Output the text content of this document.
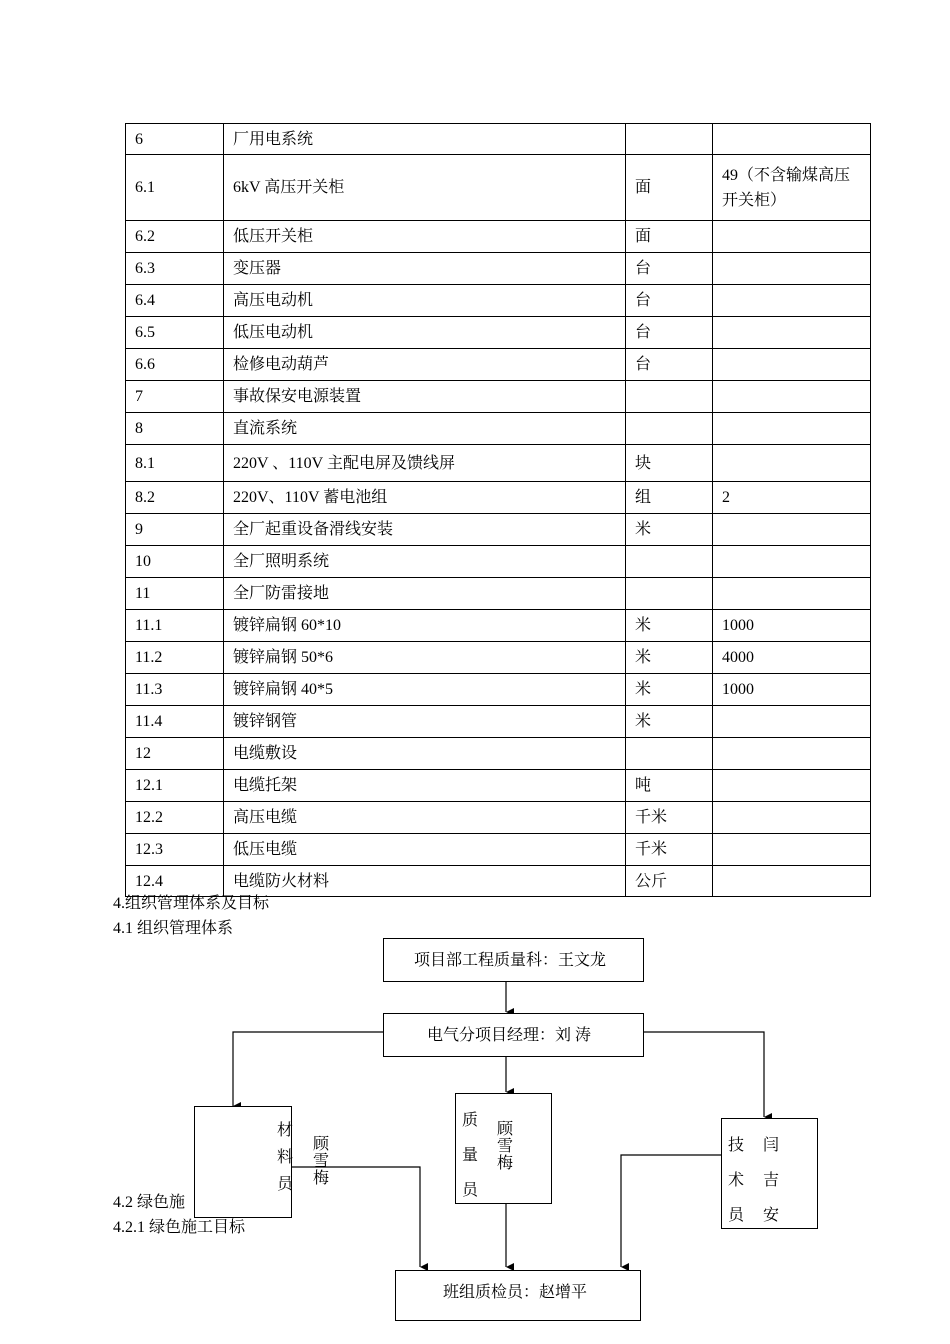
6	厂用电系统		
6.1	6kV 高压开关柜	面	49（不含输煤高压开关柜）
6.2	低压开关柜	面	
6.3	变压器	台	
6.4	高压电动机	台	
6.5	低压电动机	台	
6.6	检修电动葫芦	台	
7	事故保安电源装置		
8	直流系统		
8.1	220V 、110V 主配电屏及馈线屏	块	
8.2	220V、110V 蓄电池组	组	2
9	全厂起重设备滑线安装	米	
10	全厂照明系统		
11	全厂防雷接地		
11.1	镀锌扁钢 60*10	米	1000
11.2	镀锌扁钢 50*6	米	4000
11.3	镀锌扁钢 40*5	米	1000
11.4	镀锌钢管	米	
12	电缆敷设		
12.1	电缆托架	吨	
12.2	高压电缆	千米	
12.3	低压电缆	千米	
12.4	电缆防火材料	公斤	
4.组织管理体系及目标
4.1 组织管理体系
4.2 绿色施
4.2.1 绿色施工目标
项目部工程质量科：王文龙
电气分项目经理：刘 涛
材
料
员
顾
雪
梅
质
量
员
顾
雪
梅
技
术
员
闫
吉
安
班组质检员：赵增平
